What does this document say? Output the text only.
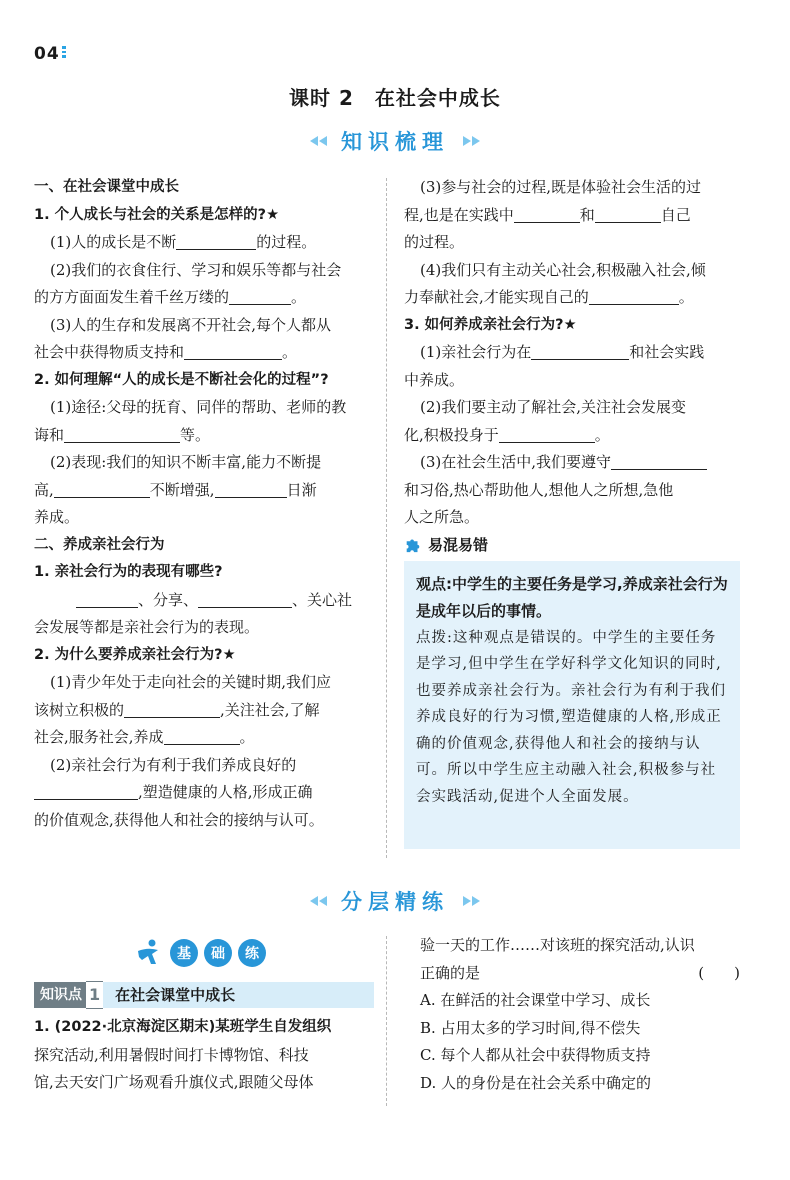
04
课时 2　在社会中成长
知识梳理

一、在社会课堂中成长

1. 个人成长与社会的关系是怎样的?★

(1)人的成长是不断	的过程。

(2)我们的衣食住行、学习和娱乐等都与社会

的方方面面发生着千丝万缕的	。

(3)人的生存和发展离不开社会,每个人都从

社会中获得物质支持和	。

2. 如何理解“人的成长是不断社会化的过程”?

(1)途径:父母的抚育、同伴的帮助、老师的教

诲和	等。

(2)表现:我们的知识不断丰富,能力不断提

高,	不断增强,	日渐

养成。

二、养成亲社会行为

1. 亲社会行为的表现有哪些?

、分享、	、关心社

会发展等都是亲社会行为的表现。

2. 为什么要养成亲社会行为?★

(1)青少年处于走向社会的关键时期,我们应

该树立积极的	,关注社会,了解

社会,服务社会,养成	。

(2)亲社会行为有利于我们养成良好的

,塑造健康的人格,形成正确

的价值观念,获得他人和社会的接纳与认可。

(3)参与社会的过程,既是体验社会生活的过

程,也是在实践中	和	自己

的过程。

(4)我们只有主动关心社会,积极融入社会,倾

力奉献社会,才能实现自己的	。

3. 如何养成亲社会行为?★

(1)亲社会行为在	和社会实践

中养成。

(2)我们要主动了解社会,关注社会发展变

化,积极投身于	。

(3)在社会生活中,我们要遵守

和习俗,热心帮助他人,想他人之所想,急他

人之所急。

易混易错
观点:中学生的主要任务是学习,养成亲社会行为是成年以后的事情。
点拨:这种观点是错误的。中学生的主要任务是学习,但中学生在学好科学文化知识的同时,也要养成亲社会行为。亲社会行为有利于我们养成良好的行为习惯,塑造健康的人格,形成正确的价值观念,获得他人和社会的接纳与认可。所以中学生应主动融入社会,积极参与社会实践活动,促进个人全面发展。
分层精练
基	础	练
知识点 1	在社会课堂中成长

1. (2022·北京海淀区期末)某班学生自发组织

探究活动,利用暑假时间打卡博物馆、科技

馆,去天安门广场观看升旗仪式,跟随父母体

验一天的工作……对该班的探究活动,认识

正确的是	(　　)

A. 在鲜活的社会课堂中学习、成长

B. 占用太多的学习时间,得不偿失

C. 每个人都从社会中获得物质支持

D. 人的身份是在社会关系中确定的
